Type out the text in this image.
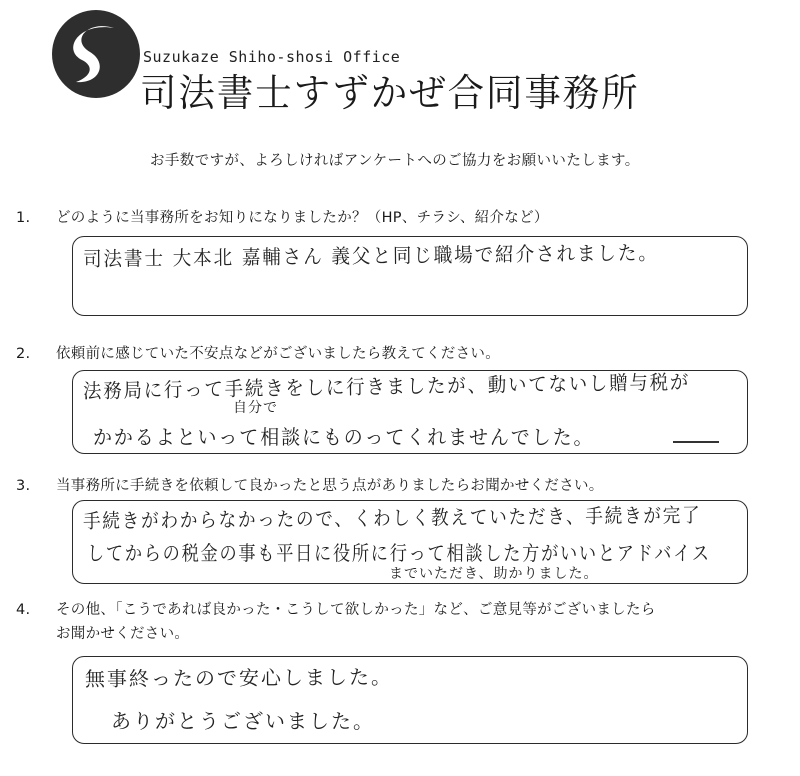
Suzukaze Shiho-shosi Office
司法書士すずかぜ合同事務所
お手数ですが、よろしければアンケートへのご協力をお願いいたします。
1. どのように当事務所をお知りになりましたか？（HP、チラシ、紹介など）
司法書士 大本北 嘉輔さん 義父と同じ職場で紹介されました。
2. 依頼前に感じていた不安点などがございましたら教えてください。
法務局に行って手続きをしに行きましたが、動いてないし贈与税が
自分で
かかるよといって相談にものってくれませんでした。
3. 当事務所に手続きを依頼して良かったと思う点がありましたらお聞かせください。
手続きがわからなかったので、くわしく教えていただき、手続きが完了
してからの税金の事も平日に役所に行って相談した方がいいとアドバイス
までいただき、助かりました。
4. その他、「こうであれば良かった・こうして欲しかった」など、ご意見等がございましたら
お聞かせください。
無事終ったので安心しました。
ありがとうございました。
